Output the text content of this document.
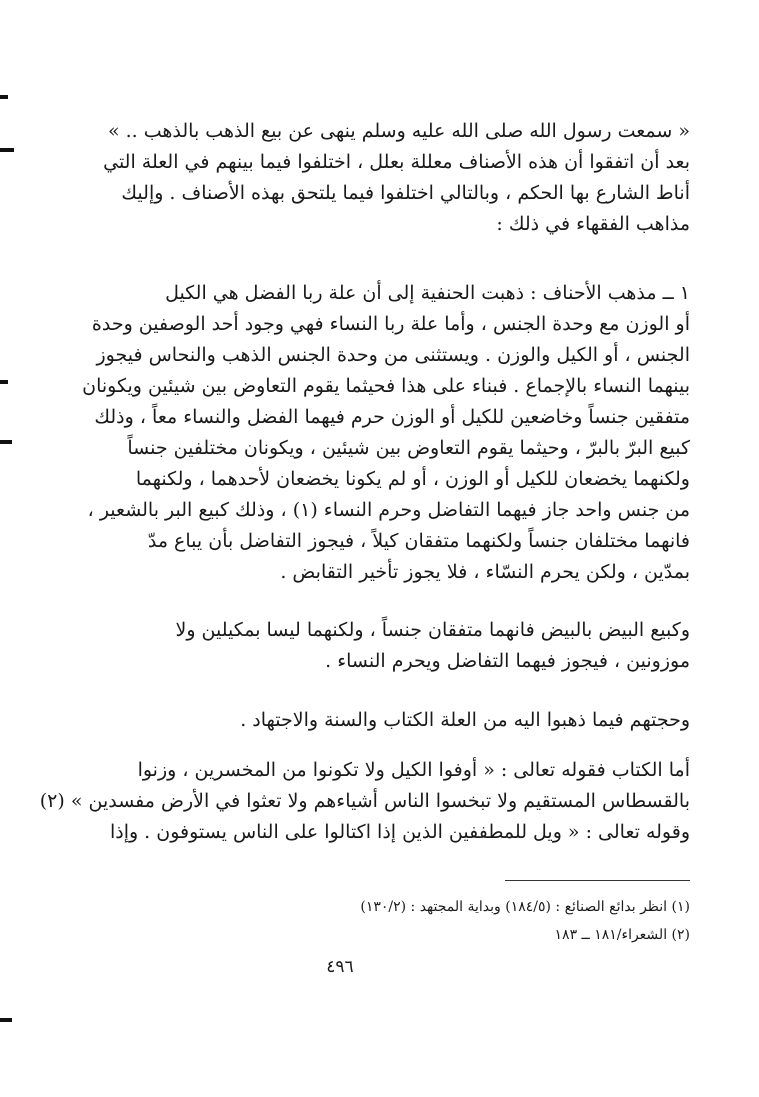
« سمعت رسول الله صلى الله عليه وسلم ينهى عن بيع الذهب بالذهب .. »
بعد أن اتفقوا أن هذه الأصناف معللة بعلل ، اختلفوا فيما بينهم في العلة التي
أناط الشارع بها الحكم ، وبالتالي اختلفوا فيما يلتحق بهذه الأصناف . وإليك
مذاهب الفقهاء في ذلك :
١ ــ مذهب الأحناف : ذهبت الحنفية إلى أن علة ربا الفضل هي الكيل
أو الوزن مع وحدة الجنس ، وأما علة ربا النساء فهي وجود أحد الوصفين وحدة
الجنس ، أو الكيل والوزن . ويستثنى من وحدة الجنس الذهب والنحاس فيجوز
بينهما النساء بالإجماع . فبناء على هذا فحيثما يقوم التعاوض بين شيئين ويكونان
متفقين جنساً وخاضعين للكيل أو الوزن حرم فيهما الفضل والنساء معاً ، وذلك
كبيع البرّ بالبرّ ، وحيثما يقوم التعاوض بين شيئين ، ويكونان مختلفين جنساً
ولكنهما يخضعان للكيل أو الوزن ، أو لم يكونا يخضعان لأحدهما ، ولكنهما
من جنس واحد جاز فيهما التفاضل وحرم النساء (١) ، وذلك كبيع البر بالشعير ،
فانهما مختلفان جنساً ولكنهما متفقان كيلاً ، فيجوز التفاضل بأن يباع مدّ
بمدّين ، ولكن يحرم النسّاء ، فلا يجوز تأخير التقابض .
وكبيع البيض بالبيض فانهما متفقان جنساً ، ولكنهما ليسا بمكيلين ولا
موزونين ، فيجوز فيهما التفاضل ويحرم النساء .
وحجتهم فيما ذهبوا اليه من العلة الكتاب والسنة والاجتهاد .
أما الكتاب فقوله تعالى : « أوفوا الكيل ولا تكونوا من المخسرين ، وزنوا
بالقسطاس المستقيم ولا تبخسوا الناس أشياءهم ولا تعثوا في الأرض مفسدين » (٢)
وقوله تعالى : « ويل للمطففين الذين إذا اكتالوا على الناس يستوفون . وإذا
(١) انظر بدائع الصنائع : (١٨٤/٥) وبداية المجتهد : (١٣٠/٢)
(٢) الشعراء/١٨١ ــ ١٨٣
٤٩٦
